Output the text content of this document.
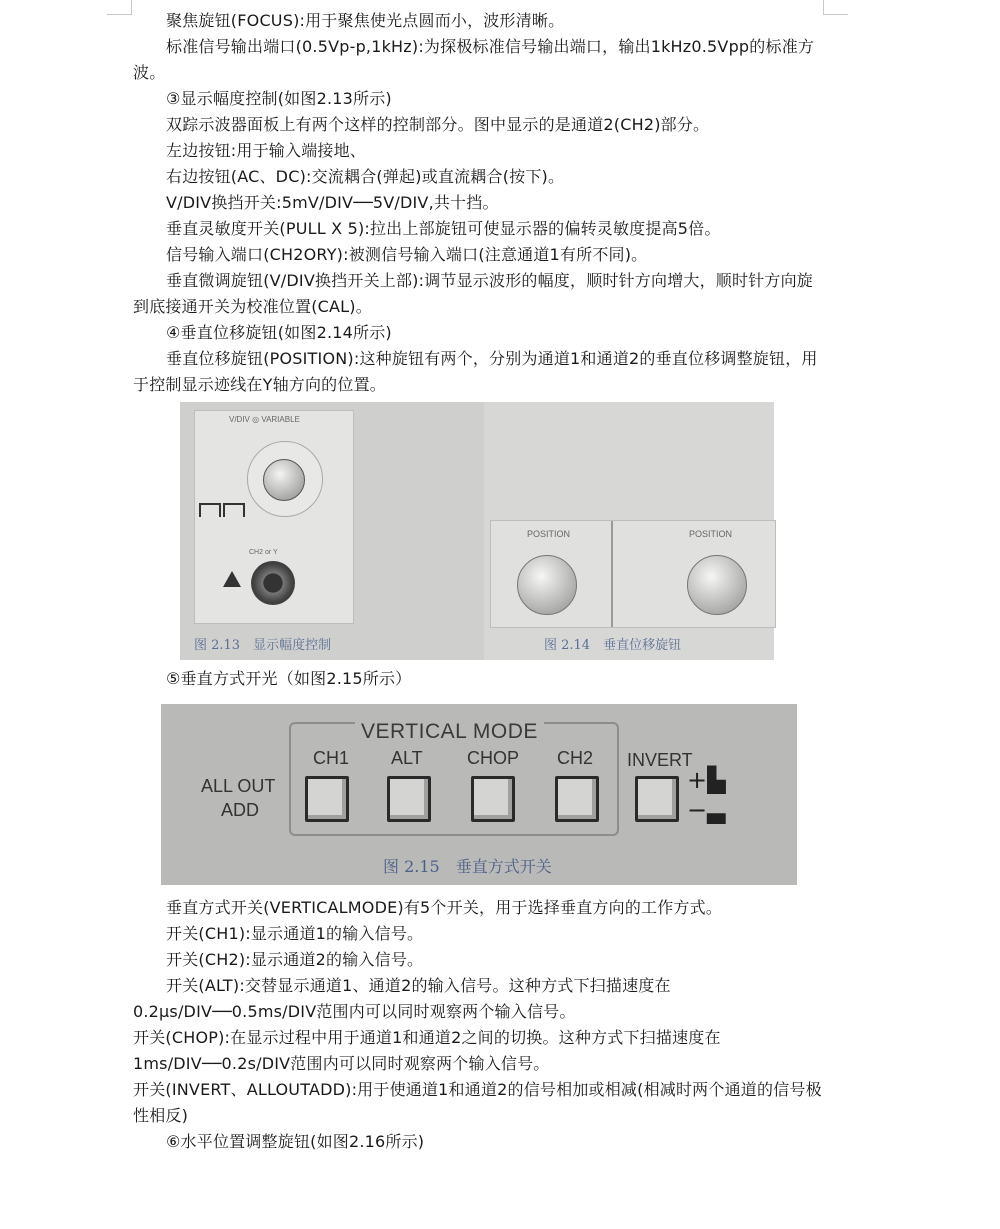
聚焦旋钮(FOCUS):用于聚焦使光点圆而小，波形清晰。

标准信号输出端口(0.5Vp-p,1kHz):为探极标准信号输出端口，输出1kHz0.5Vpp的标准方波。

③显示幅度控制(如图2.13所示)

双踪示波器面板上有两个这样的控制部分。图中显示的是通道2(CH2)部分。

左边按钮:用于输入端接地、

右边按钮(AC、DC):交流耦合(弹起)或直流耦合(按下)。

V/DIV换挡开关:5mV/DIV──5V/DIV,共十挡。

垂直灵敏度开关(PULL X 5):拉出上部旋钮可使显示器的偏转灵敏度提高5倍。

信号输入端口(CH2ORY):被测信号输入端口(注意通道1有所不同)。

垂直微调旋钮(V/DIV换挡开关上部):调节显示波形的幅度，顺时针方向增大，顺时针方向旋到底接通开关为校准位置(CAL)。

④垂直位移旋钮(如图2.14所示)

垂直位移旋钮(POSITION):这种旋钮有两个，分别为通道1和通道2的垂直位移调整旋钮，用于控制显示迹线在Y轴方向的位置。

V/DIV ◎ VARIABLE
CH2 or Y
图 2.13　显示幅度控制

POSITION	POSITION
图 2.14　垂直位移旋钮

⑤垂直方式开光（如图2.15所示）

VERTICAL MODE
ALL OUT
ADD
CH1 ALT CHOP CH2 INVERT
+▙
−▃
图 2.15　垂直方式开关

垂直方式开关(VERTICALMODE)有5个开关，用于选择垂直方向的工作方式。

开关(CH1):显示通道1的输入信号。

开关(CH2):显示通道2的输入信号。

开关(ALT):交替显示通道1、通道2的输入信号。这种方式下扫描速度在0.2μs/DIV──0.5ms/DIV范围内可以同时观察两个输入信号。

开关(CHOP):在显示过程中用于通道1和通道2之间的切换。这种方式下扫描速度在1ms/DIV──0.2s/DIV范围内可以同时观察两个输入信号。

开关(INVERT、ALLOUTADD):用于使通道1和通道2的信号相加或相减(相减时两个通道的信号极性相反)

⑥水平位置调整旋钮(如图2.16所示)
